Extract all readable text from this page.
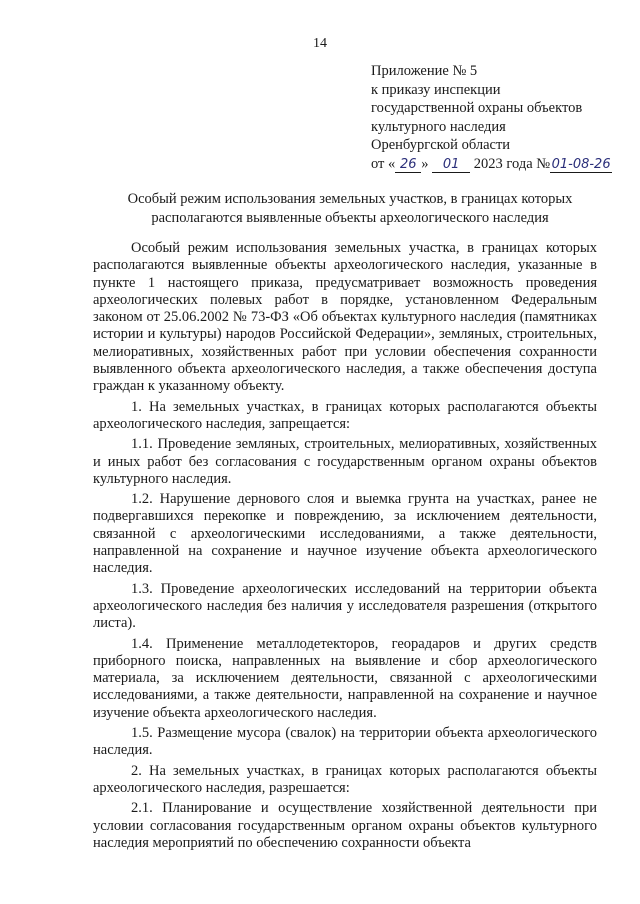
14
Приложение № 5
к приказу инспекции
государственной охраны объектов
культурного наследия
Оренбургской области
от « 26 » 01 2023 года №01-08-26
Особый режим использования земельных участков, в границах которых
располагаются выявленные объекты археологического наследия

Особый режим использования земельных участка, в границах которых располагаются выявленные объекты археологического наследия, указанные в пункте 1 настоящего приказа, предусматривает возможность проведения археологических полевых работ в порядке, установленном Федеральным законом от 25.06.2002 № 73-ФЗ «Об объектах культурного наследия (памятниках истории и культуры) народов Российской Федерации», земляных, строительных, мелиоративных, хозяйственных работ при условии обеспечения сохранности выявленного объекта археологического наследия, а также обеспечения доступа граждан к указанному объекту.

1. На земельных участках, в границах которых располагаются объекты археологического наследия, запрещается:

1.1. Проведение земляных, строительных, мелиоративных, хозяйственных и иных работ без согласования с государственным органом охраны объектов культурного наследия.

1.2. Нарушение дернового слоя и выемка грунта на участках, ранее не подвергавшихся перекопке и повреждению, за исключением деятельности, связанной с археологическими исследованиями, а также деятельности, направленной на сохранение и научное изучение объекта археологического наследия.

1.3. Проведение археологических исследований на территории объекта археологического наследия без наличия у исследователя разрешения (открытого листа).

1.4. Применение металлодетекторов, георадаров и других средств приборного поиска, направленных на выявление и сбор археологического материала, за исключением деятельности, связанной с археологическими исследованиями, а также деятельности, направленной на сохранение и научное изучение объекта археологического наследия.

1.5. Размещение мусора (свалок) на территории объекта археологического наследия.

2. На земельных участках, в границах которых располагаются объекты археологического наследия, разрешается:

2.1. Планирование и осуществление хозяйственной деятельности при условии согласования государственным органом охраны объектов культурного наследия мероприятий по обеспечению сохранности объекта
